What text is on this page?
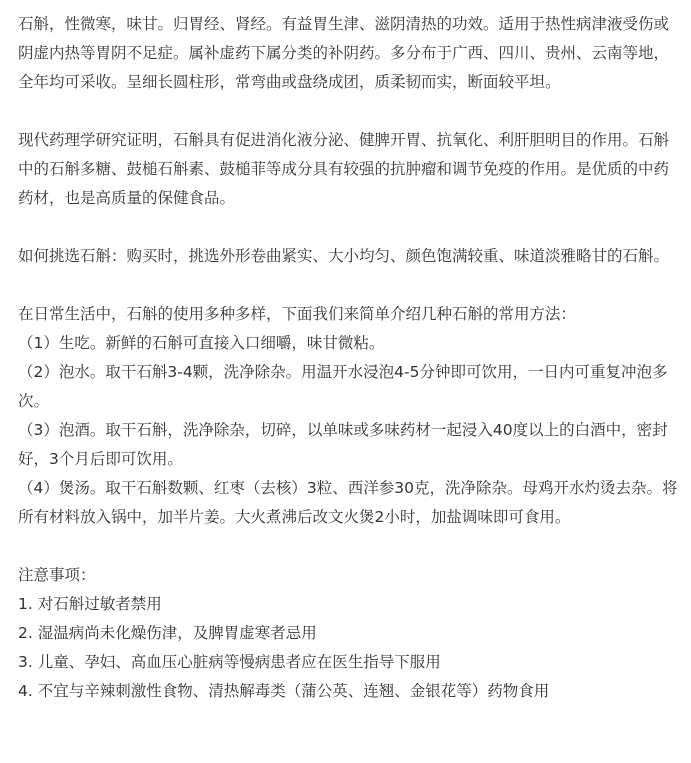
石斛，性微寒，味甘。归胃经、肾经。有益胃生津、滋阴清热的功效。适用于热性病津液受伤或阴虚内热等胃阴不足症。属补虚药下属分类的补阴药。多分布于广西、四川、贵州、云南等地，全年均可采收。呈细长圆柱形，常弯曲或盘绕成团，质柔韧而实，断面较平坦。

现代药理学研究证明，石斛具有促进消化液分泌、健脾开胃、抗氧化、利肝胆明目的作用。石斛中的石斛多糖、鼓槌石斛素、鼓槌菲等成分具有较强的抗肿瘤和调节免疫的作用。是优质的中药药材，也是高质量的保健食品。

如何挑选石斛：购买时，挑选外形卷曲紧实、大小均匀、颜色饱满较重、味道淡雅略甘的石斛。

在日常生活中，石斛的使用多种多样，下面我们来简单介绍几种石斛的常用方法：

（1）生吃。新鲜的石斛可直接入口细嚼，味甘微粘。

（2）泡水。取干石斛3-4颗，洗净除杂。用温开水浸泡4-5分钟即可饮用，一日内可重复冲泡多次。

（3）泡酒。取干石斛，洗净除杂，切碎，以单味或多味药材一起浸入40度以上的白酒中，密封好，3个月后即可饮用。

（4）煲汤。取干石斛数颗、红枣（去核）3粒、西洋参30克，洗净除杂。母鸡开水灼烫去杂。将所有材料放入锅中，加半片姜。大火煮沸后改文火煲2小时，加盐调味即可食用。

注意事项：

1. 对石斛过敏者禁用

2. 湿温病尚未化燥伤津，及脾胃虚寒者忌用

3. 儿童、孕妇、高血压心脏病等慢病患者应在医生指导下服用

4. 不宜与辛辣刺激性食物、清热解毒类（蒲公英、连翘、金银花等）药物食用
